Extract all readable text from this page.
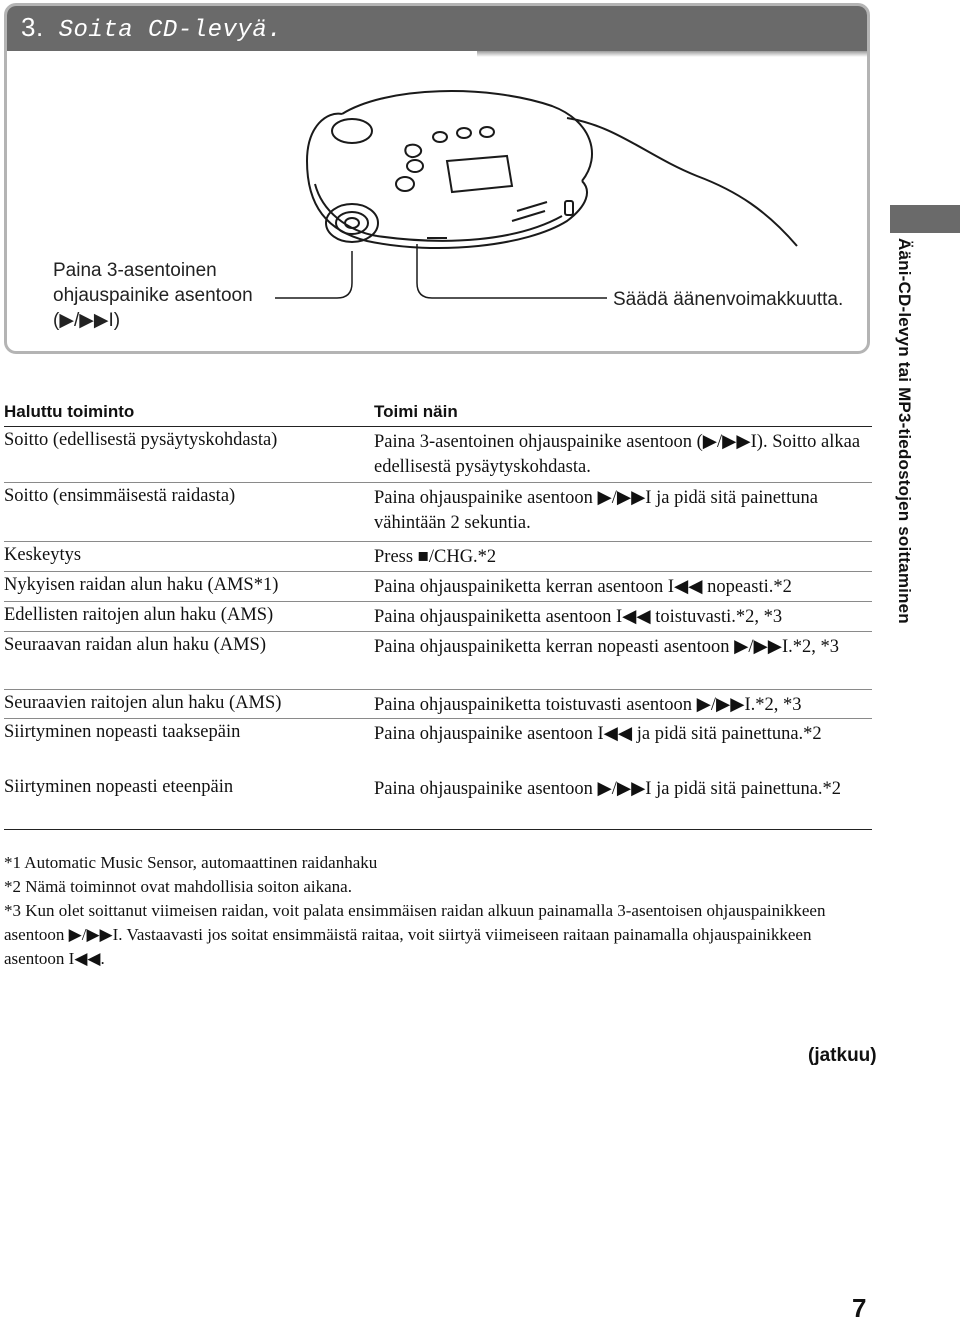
3. Soita CD-levyä.
Paina 3-asentoinen
ohjauspainike asentoon
(▶/▶▶I)
Säädä äänenvoimakkuutta.	Ääni-CD-levyn tai MP3-tiedostojen soittaminen
Haluttu toiminto	Toimi näin
Soitto (edellisestä pysäytyskohdasta)	Paina 3-asentoinen ohjauspainike asentoon (▶/▶▶I). Soitto alkaa edellisestä pysäytyskohdasta.
Soitto (ensimmäisestä raidasta)	Paina ohjauspainike asentoon ▶/▶▶I ja pidä sitä painettuna vähintään 2 sekuntia.
Keskeytys	Press ■/CHG.*2
Nykyisen raidan alun haku (AMS*1)	Paina ohjauspainiketta kerran asentoon I◀◀ nopeasti.*2
Edellisten raitojen alun haku (AMS)	Paina ohjauspainiketta asentoon I◀◀ toistuvasti.*2, *3
Seuraavan raidan alun haku (AMS)	Paina ohjauspainiketta kerran nopeasti asentoon ▶/▶▶I.*2, *3
Seuraavien raitojen alun haku (AMS)	Paina ohjauspainiketta toistuvasti asentoon ▶/▶▶I.*2, *3
Siirtyminen nopeasti taaksepäin	Paina ohjauspainike asentoon I◀◀ ja pidä sitä painettuna.*2
Siirtyminen nopeasti eteenpäin	Paina ohjauspainike asentoon ▶/▶▶I ja pidä sitä painettuna.*2
*1 Automatic Music Sensor, automaattinen raidanhaku
*2 Nämä toiminnot ovat mahdollisia soiton aikana.
*3 Kun olet soittanut viimeisen raidan, voit palata ensimmäisen raidan alkuun painamalla 3-asentoisen ohjauspainikkeen asentoon ▶/▶▶I. Vastaavasti jos soitat ensimmäistä raitaa, voit siirtyä viimeiseen raitaan painamalla ohjauspainikkeen asentoon I◀◀.
(jatkuu)
7
